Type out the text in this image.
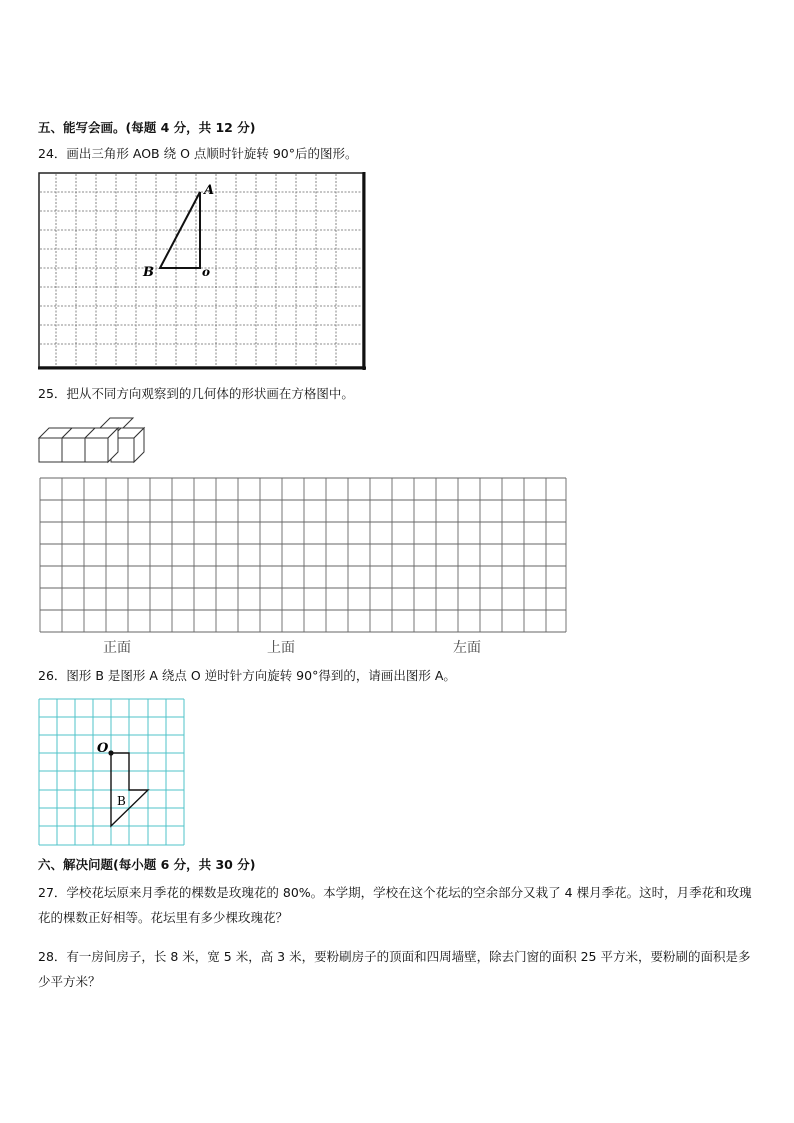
五、能写会画。(每题 4 分，共 12 分)
24．画出三角形 AOB 绕 O 点顺时针旋转 90°后的图形。
A
B	o
25．把从不同方向观察到的几何体的形状画在方格图中。
正面	上面	左面
26．图形 B 是图形 A 绕点 O 逆时针方向旋转 90°得到的，请画出图形 A。
O
B
六、解决问题(每小题 6 分，共 30 分)
27．学校花坛原来月季花的棵数是玫瑰花的 80%。本学期，学校在这个花坛的空余部分又栽了 4 棵月季花。这时，月季花和玫瑰花的棵数正好相等。花坛里有多少棵玫瑰花？
28．有一房间房子，长 8 米，宽 5 米，高 3 米，要粉刷房子的顶面和四周墙壁，除去门窗的面积 25 平方米，要粉刷的面积是多少平方米？
